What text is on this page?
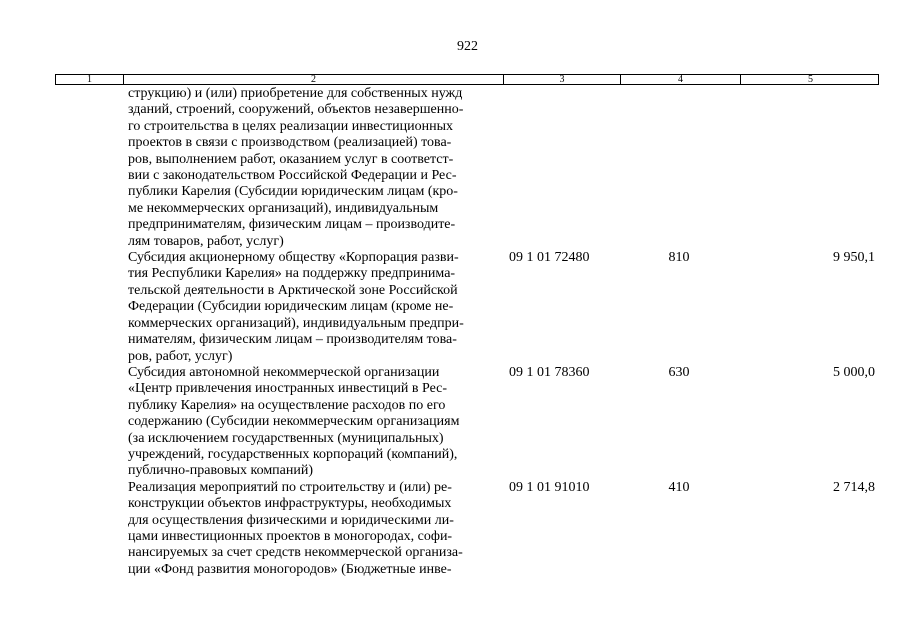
922
1	2	3	4	5
струкцию) и (или) приобретение для собственных нужд
зданий, строений, сооружений, объектов незавершенно-
го строительства в целях реализации инвестиционных
проектов в связи с производством (реализацией) това-
ров, выполнением работ, оказанием услуг в соответст-
вии с законодательством Российской Федерации и Рес-
публики Карелия (Субсидии юридическим лицам (кро-
ме некоммерческих организаций), индивидуальным
предпринимателям, физическим лицам – производите-
лям товаров, работ, услуг)
Субсидия акционерному обществу «Корпорация разви-
тия Республики Карелия» на поддержку предпринима-
тельской деятельности в Арктической зоне Российской
Федерации (Субсидии юридическим лицам (кроме не-
коммерческих организаций), индивидуальным предпри-
нимателям, физическим лицам – производителям това-
ров, работ, услуг)
09 1 01 72480	810	9 950,1
Субсидия автономной некоммерческой организации
«Центр привлечения иностранных инвестиций в Рес-
публику Карелия» на осуществление расходов по его
содержанию (Субсидии некоммерческим организациям
(за исключением государственных (муниципальных)
учреждений, государственных корпораций (компаний),
публично-правовых компаний)
09 1 01 78360	630	5 000,0
Реализация мероприятий по строительству и (или) ре-
конструкции объектов инфраструктуры, необходимых
для осуществления физическими и юридическими ли-
цами инвестиционных проектов в моногородах, софи-
нансируемых за счет средств некоммерческой организа-
ции «Фонд развития моногородов» (Бюджетные инве-
09 1 01 91010	410	2 714,8
